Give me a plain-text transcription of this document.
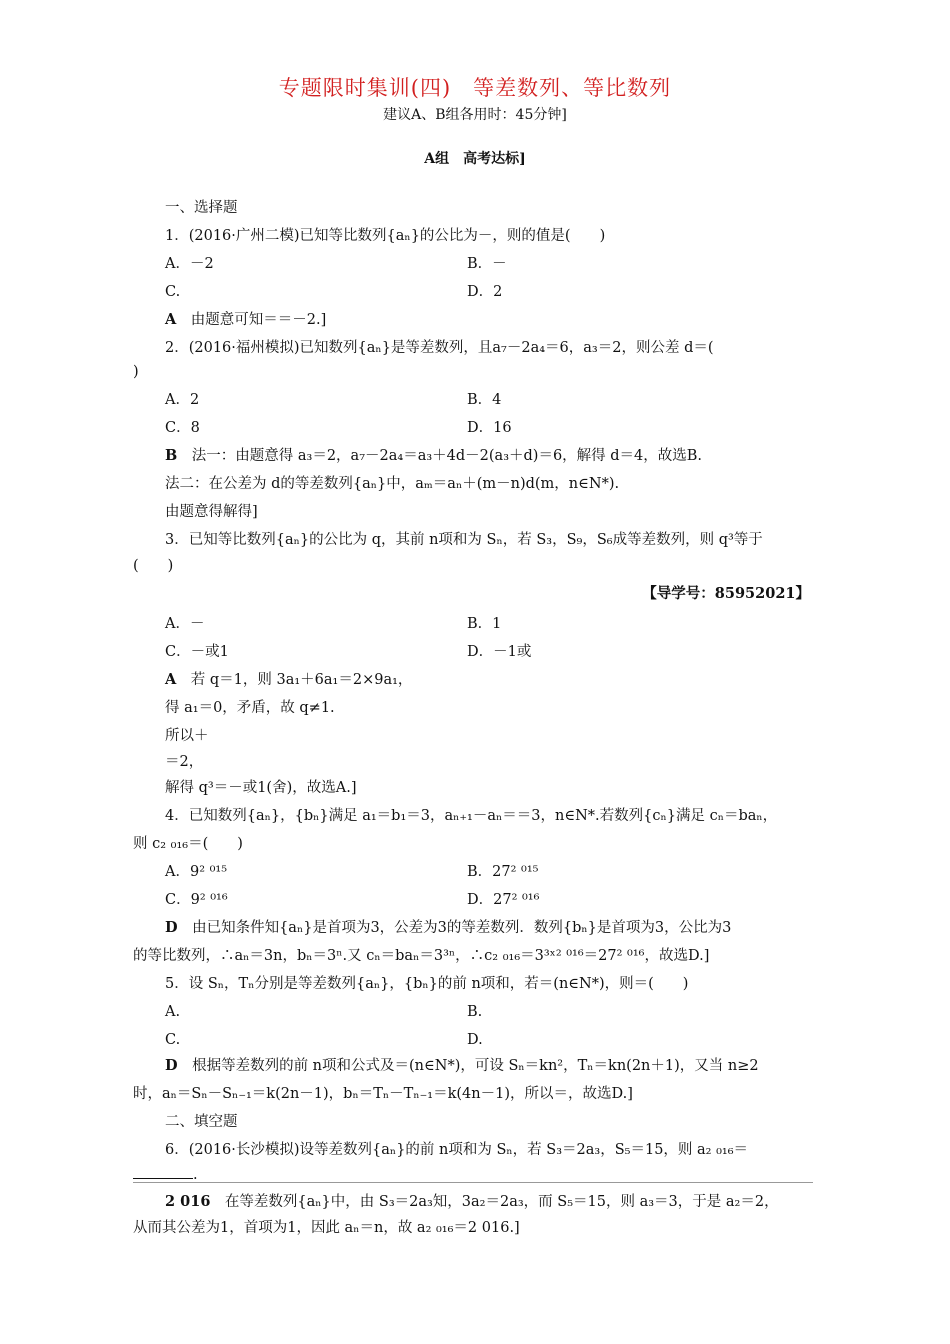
专题限时集训(四)　等差数列、等比数列
建议A、B组各用时：45分钟]
A组　高考达标]
一、选择题
1．(2016·广州二模)已知等比数列{aₙ}的公比为－，则的值是(　　)
A．－2	B．－
C.	D．2
A　 由题意可知＝＝－2.]
2．(2016·福州模拟)已知数列{aₙ}是等差数列，且a₇－2a₄＝6，a₃＝2，则公差 d＝(
)
A．2	B．4
C．8	D．16
B　 法一：由题意得 a₃＝2，a₇－2a₄＝a₃＋4d－2(a₃＋d)＝6，解得 d＝4，故选B.
法二：在公差为 d的等差数列{aₙ}中，aₘ＝aₙ＋(m－n)d(m，n∈N*).
由题意得解得]
3．已知等比数列{aₙ}的公比为 q，其前 n项和为 Sₙ，若 S₃，S₉，S₆成等差数列，则 q³等于
(　　)
【导学号：85952021】
A．－	B．1
C．－或1	D．－1或
A　 若 q＝1，则 3a₁＋6a₁＝2×9a₁，
得 a₁＝0，矛盾，故 q≠1.
所以＋
＝2，
解得 q³＝－或1(舍)，故选A.]
4．已知数列{aₙ}，{bₙ}满足 a₁＝b₁＝3，aₙ₊₁－aₙ＝＝3，n∈N*.若数列{cₙ}满足 cₙ＝baₙ，
则 c₂ ₀₁₆＝(　　)
A．9² ⁰¹⁵	B．27² ⁰¹⁵
C．9² ⁰¹⁶	D．27² ⁰¹⁶
D　 由已知条件知{aₙ}是首项为3，公差为3的等差数列．数列{bₙ}是首项为3，公比为3
的等比数列，∴aₙ＝3n，bₙ＝3ⁿ.又 cₙ＝baₙ＝3³ⁿ，∴c₂ ₀₁₆＝3³ˣ² ⁰¹⁶＝27² ⁰¹⁶，故选D.]
5．设 Sₙ，Tₙ分别是等差数列{aₙ}，{bₙ}的前 n项和，若＝(n∈N*)，则＝(　　)
A.	B.
C.	D.
D　 根据等差数列的前 n项和公式及＝(n∈N*)，可设 Sₙ＝kn²，Tₙ＝kn(2n＋1)，又当 n≥2
时，aₙ＝Sₙ－Sₙ₋₁＝k(2n－1)，bₙ＝Tₙ－Tₙ₋₁＝k(4n－1)，所以＝，故选D.]
二、填空题
6．(2016·长沙模拟)设等差数列{aₙ}的前 n项和为 Sₙ，若 S₃＝2a₃，S₅＝15，则 a₂ ₀₁₆＝
.
2 016　 在等差数列{aₙ}中，由 S₃＝2a₃知，3a₂＝2a₃，而 S₅＝15，则 a₃＝3，于是 a₂＝2，
从而其公差为1，首项为1，因此 aₙ＝n，故 a₂ ₀₁₆＝2 016.]
